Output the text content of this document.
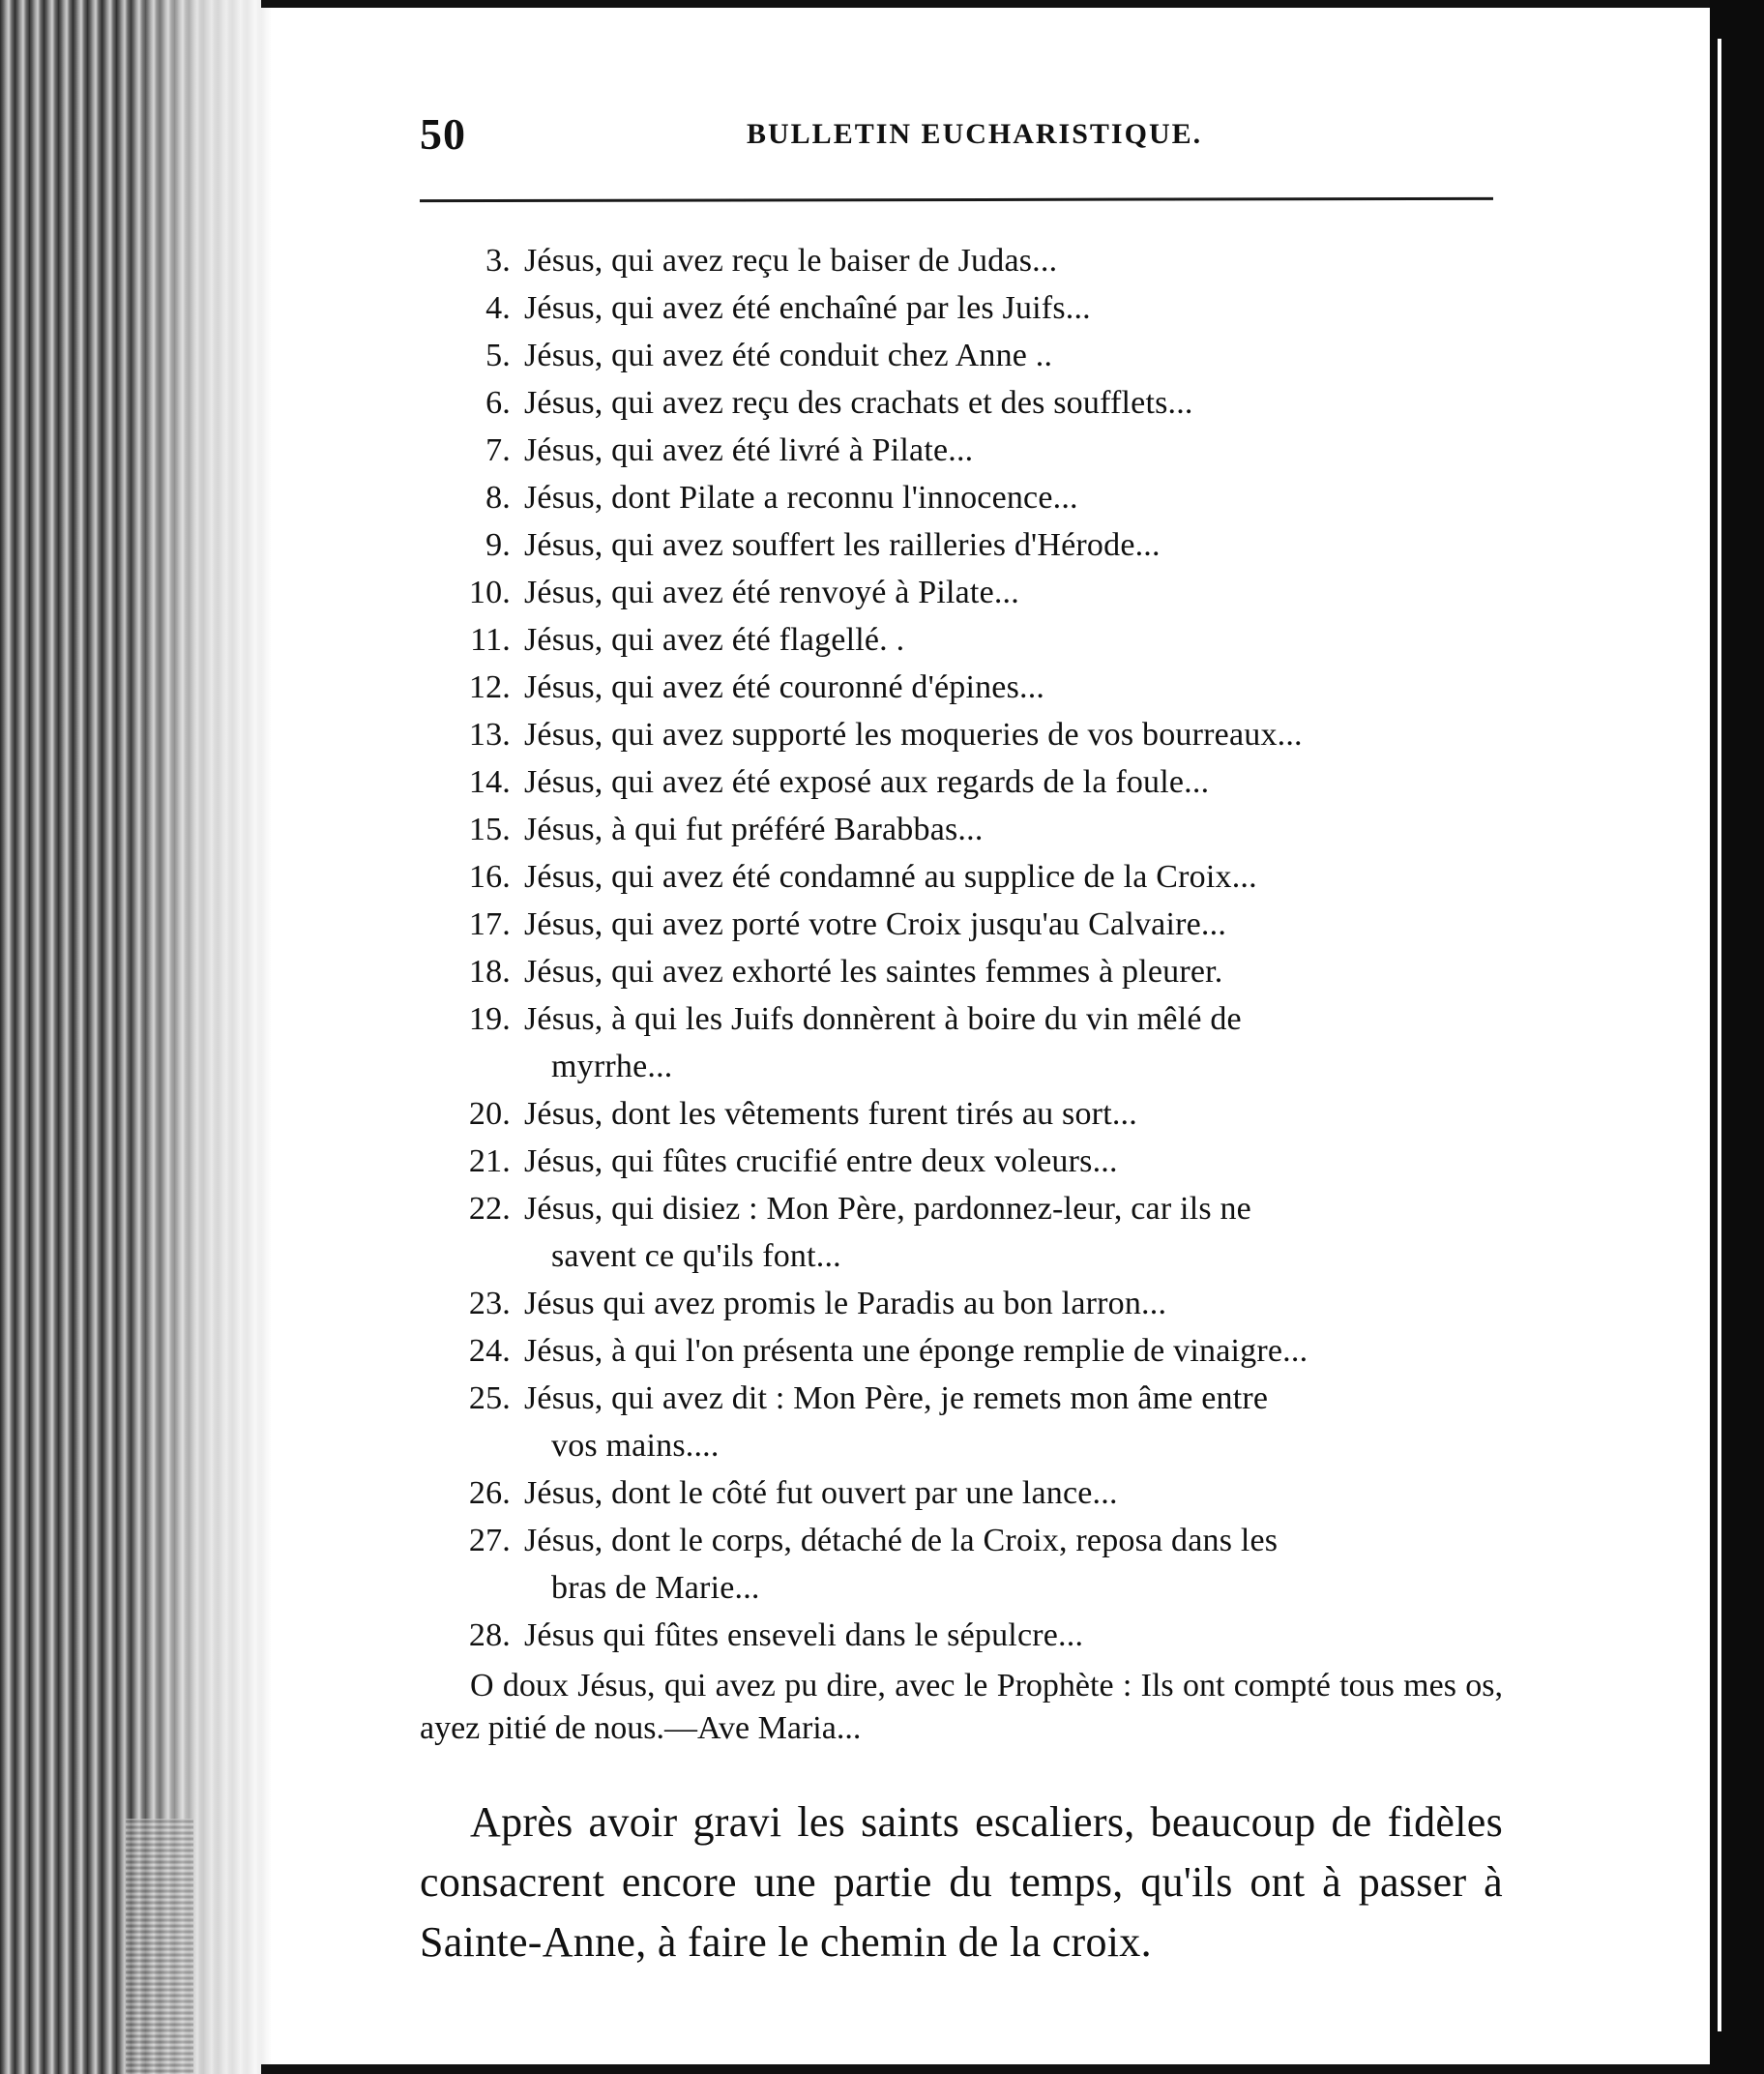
50	BULLETIN EUCHARISTIQUE.
3. Jésus, qui avez reçu le baiser de Judas...
4. Jésus, qui avez été enchaîné par les Juifs...
5. Jésus, qui avez été conduit chez Anne ..
6. Jésus, qui avez reçu des crachats et des soufflets...
7. Jésus, qui avez été livré à Pilate...
8. Jésus, dont Pilate a reconnu l'innocence...
9. Jésus, qui avez souffert les railleries d'Hérode...
10. Jésus, qui avez été renvoyé à Pilate...
11. Jésus, qui avez été flagellé. .
12. Jésus, qui avez été couronné d'épines...
13. Jésus, qui avez supporté les moqueries de vos bourreaux...
14. Jésus, qui avez été exposé aux regards de la foule...
15. Jésus, à qui fut préféré Barabbas...
16. Jésus, qui avez été condamné au supplice de la Croix...
17. Jésus, qui avez porté votre Croix jusqu'au Calvaire...
18. Jésus, qui avez exhorté les saintes femmes à pleurer.
19. Jésus, à qui les Juifs donnèrent à boire du vin mêlé de
myrrhe...
20. Jésus, dont les vêtements furent tirés au sort...
21. Jésus, qui fûtes crucifié entre deux voleurs...
22. Jésus, qui disiez : Mon Père, pardonnez-leur, car ils ne
savent ce qu'ils font...
23. Jésus qui avez promis le Paradis au bon larron...
24. Jésus, à qui l'on présenta une éponge remplie de vinaigre...
25. Jésus, qui avez dit : Mon Père, je remets mon âme entre
vos mains....
26. Jésus, dont le côté fut ouvert par une lance...
27. Jésus, dont le corps, détaché de la Croix, reposa dans les
bras de Marie...
28. Jésus qui fûtes enseveli dans le sépulcre...

O doux Jésus, qui avez pu dire, avec le Prophète : Ils ont compté tous mes os, ayez pitié de nous.—Ave Maria...

Après avoir gravi les saints escaliers, beaucoup de fidèles consacrent encore une partie du temps, qu'ils ont à passer à Sainte-Anne, à faire le chemin de la croix.
